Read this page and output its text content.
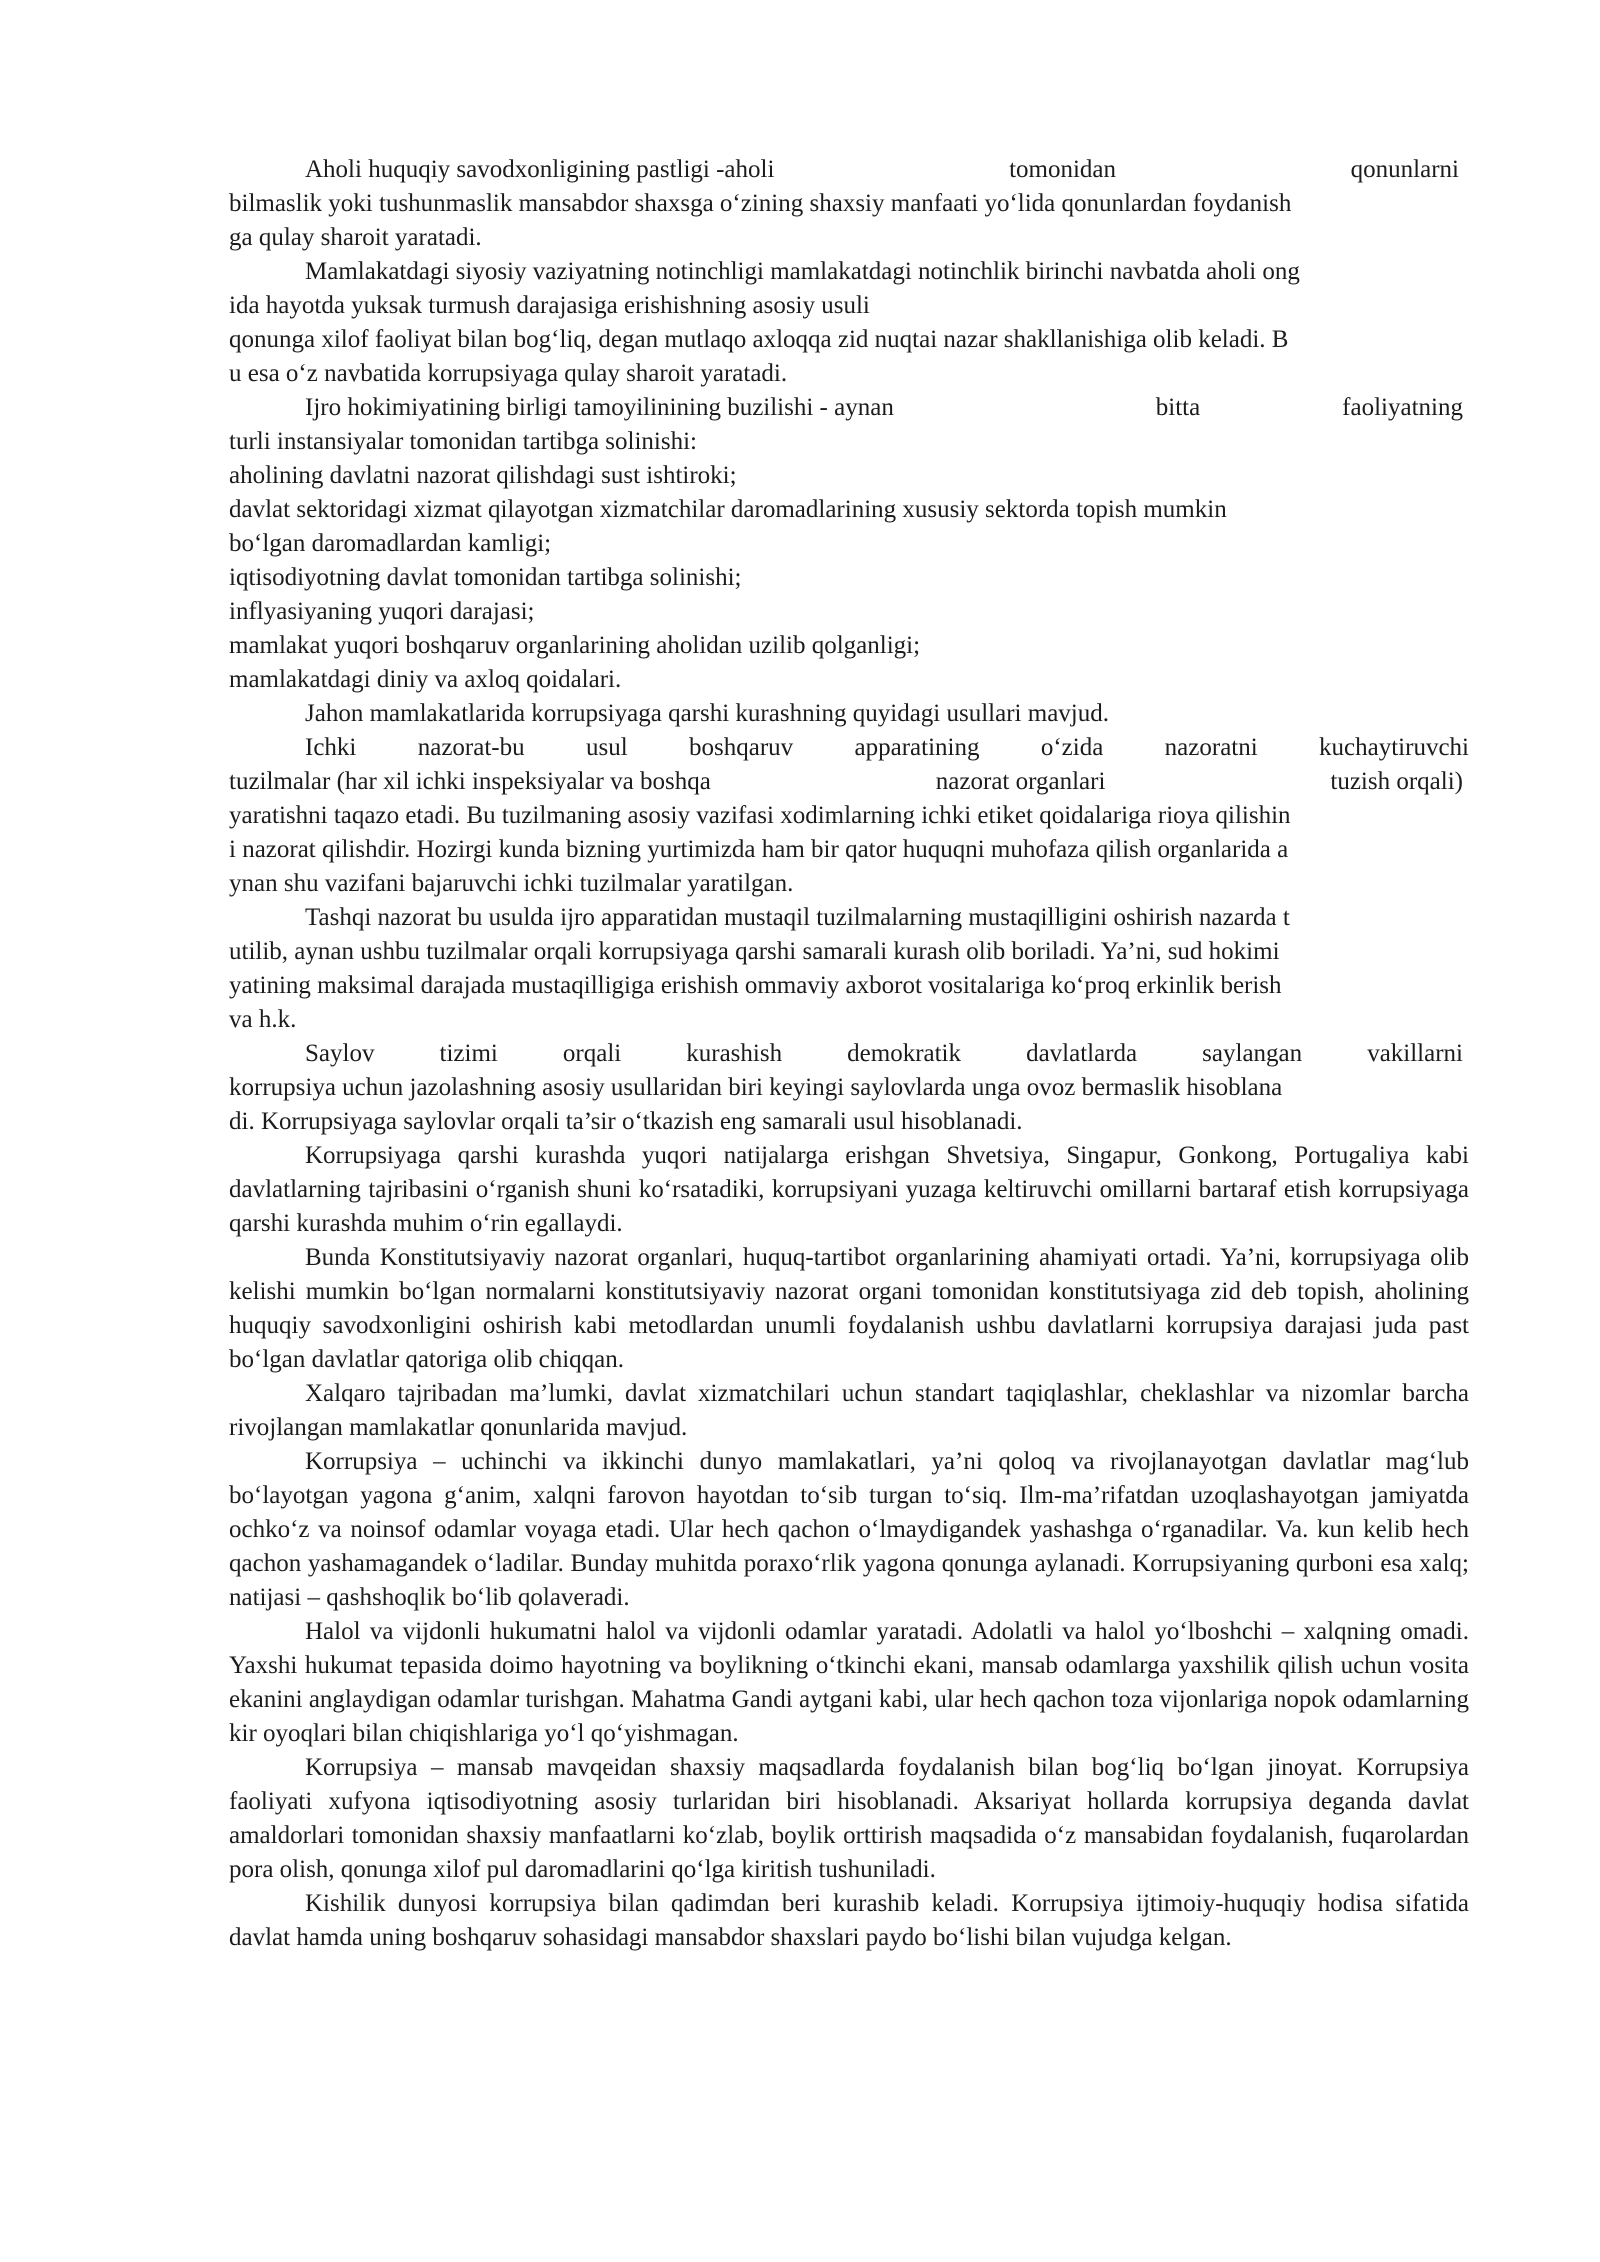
Aholi huquqiy savodxonligining pastligi -aholi	tomonidan	qonunlarni

bilmaslik yoki tushunmaslik mansabdor shaxsga o‘zining shaxsiy manfaati yo‘lida qonunlardan foydanish

ga qulay sharoit yaratadi.

Mamlakatdagi siyosiy vaziyatning notinchligi mamlakatdagi notinchlik birinchi navbatda aholi ong

ida hayotda yuksak turmush darajasiga erishishning asosiy usuli

qonunga xilof faoliyat bilan bog‘liq, degan mutlaqo axloqqa zid nuqtai nazar shakllanishiga olib keladi. B

u esa o‘z navbatida korrupsiyaga qulay sharoit yaratadi.

Ijro hokimiyatining birligi tamoyilinining buzilishi - aynan	bitta	faoliyatning

turli instansiyalar tomonidan tartibga solinishi:

aholining davlatni nazorat qilishdagi sust ishtiroki;

davlat sektoridagi xizmat qilayotgan xizmatchilar daromadlarining xususiy sektorda topish mumkin

bo‘lgan daromadlardan kamligi;

iqtisodiyotning davlat tomonidan tartibga solinishi;

inflyasiyaning yuqori darajasi;

mamlakat yuqori boshqaruv organlarining aholidan uzilib qolganligi;

mamlakatdagi diniy va axloq qoidalari.

Jahon mamlakatlarida korrupsiyaga qarshi kurashning quyidagi usullari mavjud.

Ichki nazorat-bu usul boshqaruv apparatining o‘zida nazoratni kuchaytiruvchi

tuzilmalar (har xil ichki inspeksiyalar va boshqa	nazorat organlari	tuzish orqali)

yaratishni taqazo etadi. Bu tuzilmaning asosiy vazifasi xodimlarning ichki etiket qoidalariga rioya qilishin

i nazorat qilishdir. Hozirgi kunda bizning yurtimizda ham bir qator huquqni muhofaza qilish organlarida a

ynan shu vazifani bajaruvchi ichki tuzilmalar yaratilgan.

Tashqi nazorat bu usulda ijro apparatidan mustaqil tuzilmalarning mustaqilligini oshirish nazarda t

utilib, aynan ushbu tuzilmalar orqali korrupsiyaga qarshi samarali kurash olib boriladi. Ya’ni, sud hokimi

yatining maksimal darajada mustaqilligiga erishish ommaviy axborot vositalariga ko‘proq erkinlik berish

va h.k.

Saylov tizimi orqali kurashish demokratik davlatlarda saylangan vakillarni

korrupsiya uchun jazolashning asosiy usullaridan biri keyingi saylovlarda unga ovoz bermaslik hisoblana

di. Korrupsiyaga saylovlar orqali ta’sir o‘tkazish eng samarali usul hisoblanadi.

Korrupsiyaga qarshi kurashda yuqori natijalarga erishgan Shvetsiya, Singapur, Gonkong, Portugaliya kabi davlatlarning tajribasini o‘rganish shuni ko‘rsatadiki, korrupsiyani yuzaga keltiruvchi omillarni bartaraf etish korrupsiyaga qarshi kurashda muhim o‘rin egallaydi.

Bunda Konstitutsiyaviy nazorat organlari, huquq-tartibot organlarining ahamiyati ortadi. Ya’ni, korrupsiyaga olib kelishi mumkin bo‘lgan normalarni konstitutsiyaviy nazorat organi tomonidan konstitutsiyaga zid deb topish, aholining huquqiy savodxonligini oshirish kabi metodlardan unumli foydalanish ushbu davlatlarni korrupsiya darajasi juda past bo‘lgan davlatlar qatoriga olib chiqqan.

Xalqaro tajribadan ma’lumki, davlat xizmatchilari uchun standart taqiqlashlar, cheklashlar va nizomlar barcha rivojlangan mamlakatlar qonunlarida mavjud.

Korrupsiya – uchinchi va ikkinchi dunyo mamlakatlari, ya’ni qoloq va rivojlanayotgan davlatlar mag‘lub bo‘layotgan yagona g‘anim, xalqni farovon hayotdan to‘sib turgan to‘siq. Ilm-ma’rifatdan uzoqlashayotgan jamiyatda ochko‘z va noinsof odamlar voyaga etadi. Ular hech qachon o‘lmaydigandek yashashga o‘rganadilar. Va. kun kelib hech qachon yashamagandek o‘ladilar. Bunday muhitda poraxo‘rlik yagona qonunga aylanadi. Korrupsiyaning qurboni esa xalq; natijasi – qashshoqlik bo‘lib qolaveradi.

Halol va vijdonli hukumatni halol va vijdonli odamlar yaratadi. Adolatli va halol yo‘lboshchi – xalqning omadi. Yaxshi hukumat tepasida doimo hayotning va boylikning o‘tkinchi ekani, mansab odamlarga yaxshilik qilish uchun vosita ekanini anglaydigan odamlar turishgan. Mahatma Gandi aytgani kabi, ular hech qachon toza vijonlariga nopok odamlarning kir oyoqlari bilan chiqishlariga yo‘l qo‘yishmagan.

Korrupsiya – mansab mavqeidan shaxsiy maqsadlarda foydalanish bilan bog‘liq bo‘lgan jinoyat. Korrupsiya faoliyati xufyona iqtisodiyotning asosiy turlaridan biri hisoblanadi. Aksariyat hollarda korrupsiya deganda davlat amaldorlari tomonidan shaxsiy manfaatlarni ko‘zlab, boylik orttirish maqsadida o‘z mansabidan foydalanish, fuqarolardan pora olish, qonunga xilof pul daromadlarini qo‘lga kiritish tushuniladi.

Kishilik dunyosi korrupsiya bilan qadimdan beri kurashib keladi. Korrupsiya ijtimoiy-huquqiy hodisa sifatida davlat hamda uning boshqaruv sohasidagi mansabdor shaxslari paydo bo‘lishi bilan vujudga kelgan.
